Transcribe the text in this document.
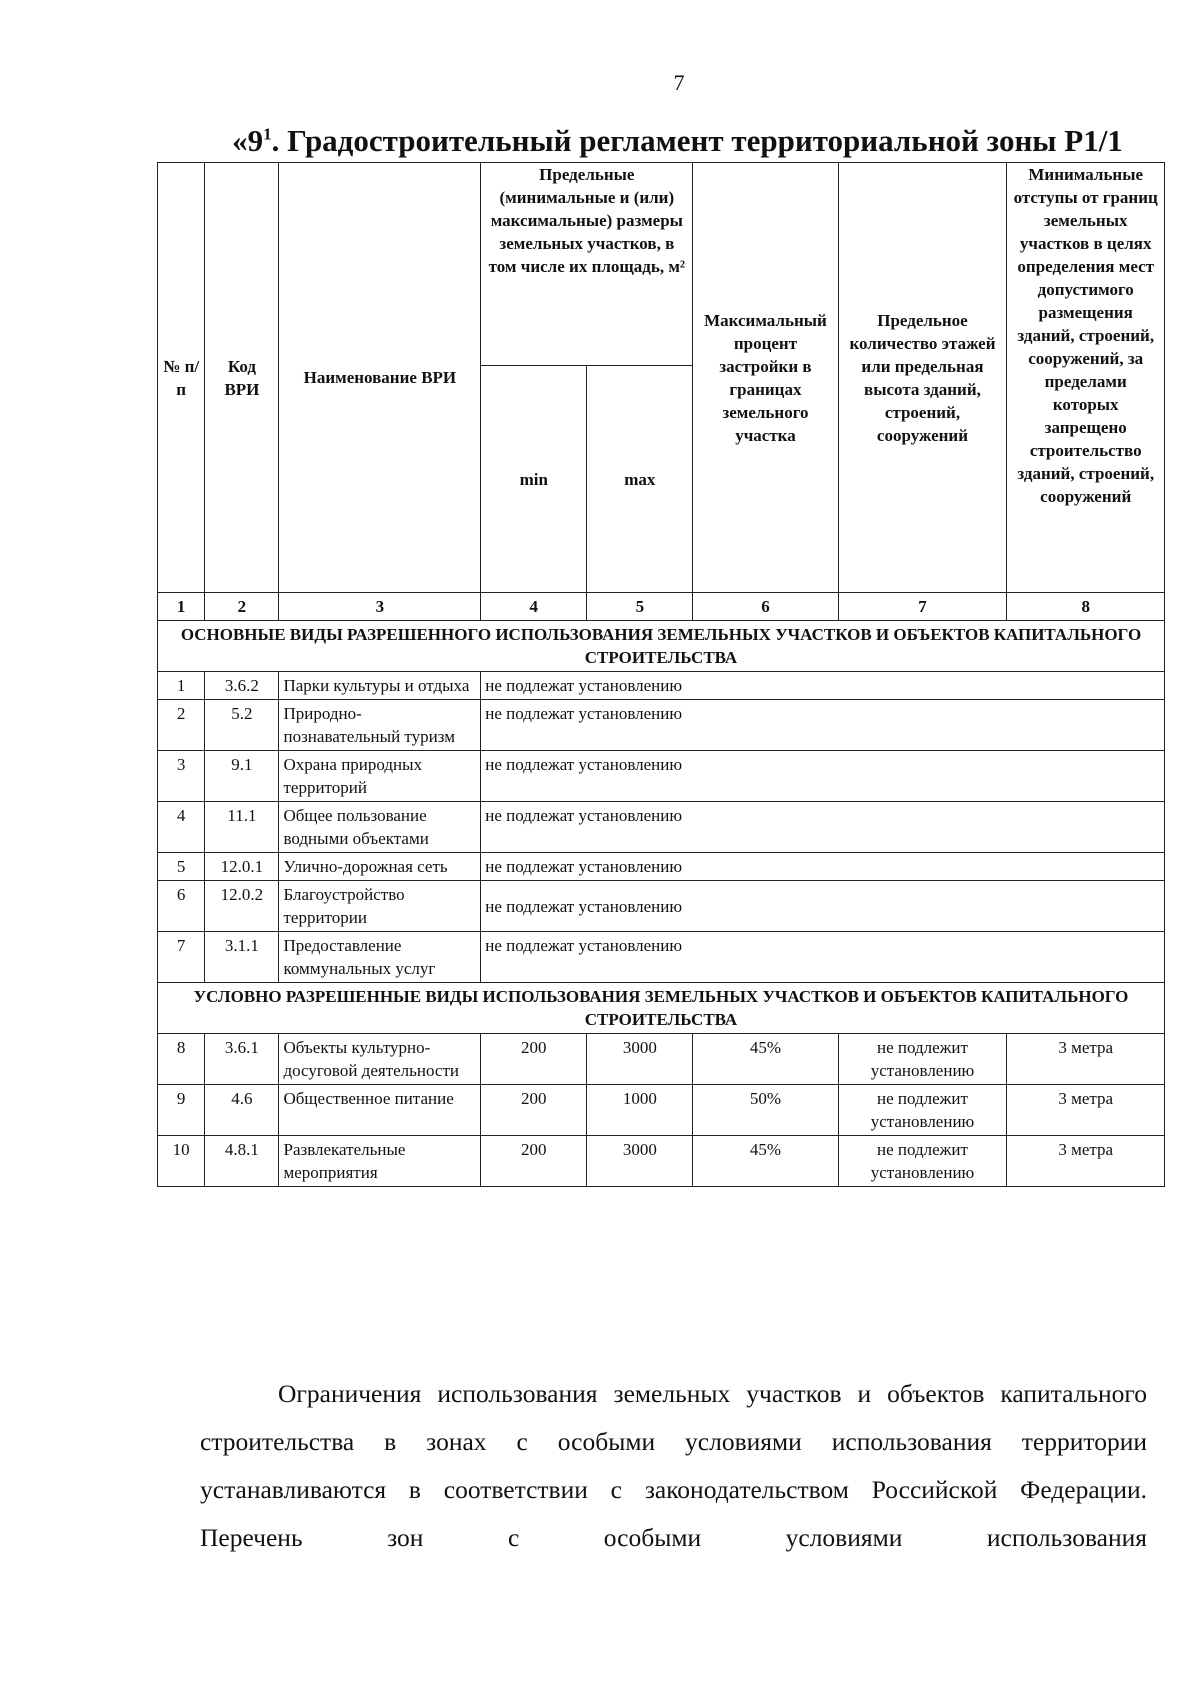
7
«$9^1$. Градостроительный регламент территориальной зоны Р1/1
№ п/п	Код ВРИ	Наименование ВРИ	Предельные (минимальные и (или) максимальные) размеры земельных участков, в том числе их площадь, м²		Максимальный процент застройки в границах земельного участка	Предельное количество этажей или предельная высота зданий, строений, сооружений	Минимальные отступы от границ земельных участков в целях определения мест допустимого размещения зданий, строений, сооружений, за пределами которых запрещено строительство зданий, строений, сооружений
			min	max			
1	2	3	4	5	6	7	8
ОСНОВНЫЕ ВИДЫ РАЗРЕШЕННОГО ИСПОЛЬЗОВАНИЯ ЗЕМЕЛЬНЫХ УЧАСТКОВ И ОБЪЕКТОВ КАПИТАЛЬНОГО СТРОИТЕЛЬСТВА							
1	3.6.2	Парки культуры и отдыха	не подлежат установлению				
2	5.2	Природно-познавательный туризм	не подлежат установлению				
3	9.1	Охрана природных территорий	не подлежат установлению				
4	11.1	Общее пользование водными объектами	не подлежат установлению				
5	12.0.1	Улично-дорожная сеть	не подлежат установлению				
6	12.0.2	Благоустройство территории	не подлежат установлению				
7	3.1.1	Предоставление коммунальных услуг	не подлежат установлению				
УСЛОВНО РАЗРЕШЕННЫЕ ВИДЫ ИСПОЛЬЗОВАНИЯ ЗЕМЕЛЬНЫХ УЧАСТКОВ И ОБЪЕКТОВ КАПИТАЛЬНОГО СТРОИТЕЛЬСТВА							
8	3.6.1	Объекты культурно-досуговой деятельности	200	3000	45%	не подлежит установлению	3 метра
9	4.6	Общественное питание	200	1000	50%	не подлежит установлению	3 метра
10	4.8.1	Развлекательные мероприятия	200	3000	45%	не подлежит установлению	3 метра
Ограничения использования земельных участков и объектов капитального строительства в зонах с особыми условиями использования территории устанавливаются в соответствии с законодательством Российской Федерации. Перечень зон с особыми условиями использования
